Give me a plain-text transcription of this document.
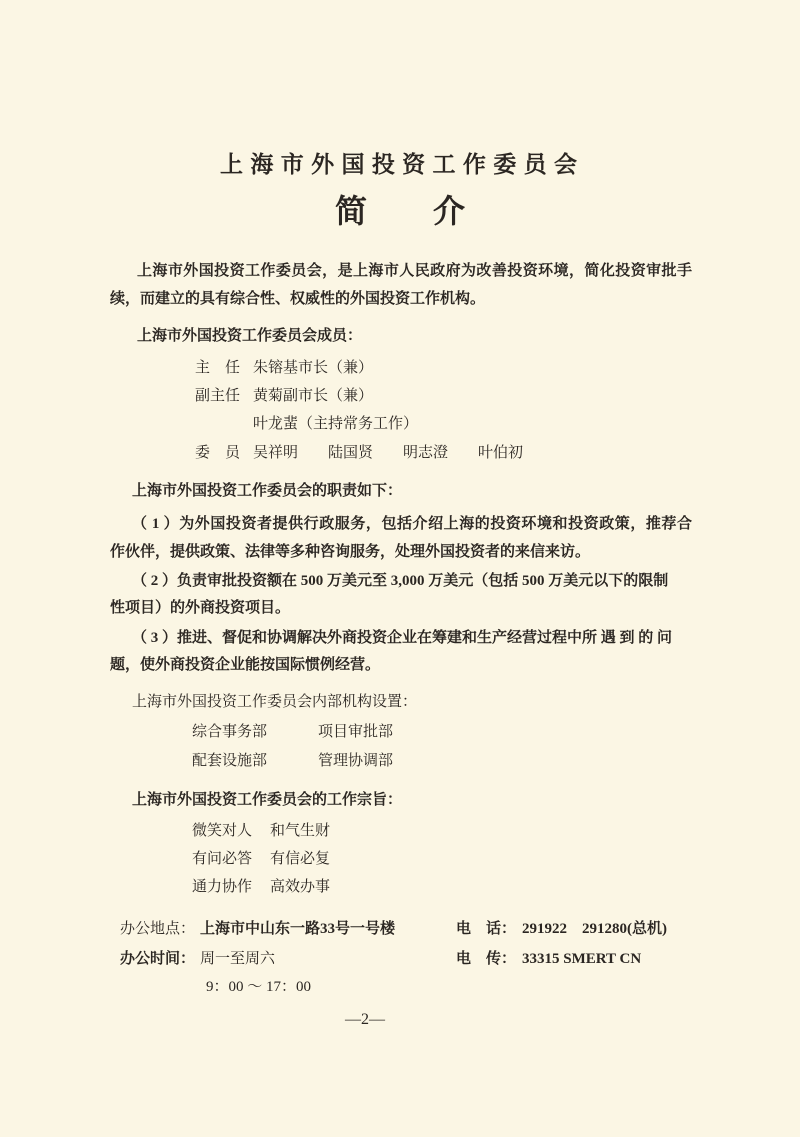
上海市外国投资工作委员会
简介
上海市外国投资工作委员会，是上海市人民政府为改善投资环境，简化投资审批手
续，而建立的具有综合性、权威性的外国投资工作机构。
上海市外国投资工作委员会成员：
主　任 朱镕基市长（兼）
副主任 黄菊副市长（兼）
叶龙蜚（主持常务工作）
委　员 吴祥明　　陆国贤　　明志澄　　叶伯初
上海市外国投资工作委员会的职责如下：
（ 1 ）为外国投资者提供行政服务，包括介绍上海的投资环境和投资政策，推荐合
作伙伴，提供政策、法律等多种咨询服务，处理外国投资者的来信来访。
（ 2 ）负责审批投资额在 500 万美元至 3,000 万美元（包括 500 万美元以下的限制
性项目）的外商投资项目。
（ 3 ）推进、督促和协调解决外商投资企业在筹建和生产经营过程中所 遇 到 的 问
题，使外商投资企业能按国际惯例经营。
上海市外国投资工作委员会内部机构设置：
综合事务部	项目审批部
配套设施部	管理协调部
上海市外国投资工作委员会的工作宗旨：
微笑对人 和气生财
有问必答 有信必复
通力协作 高效办事
办公地点： 上海市中山东一路33号一号楼
办公时间： 周一至周六
9：00 ～ 17：00
电　话： 291922　291280(总机)
电　传： 33315 SMERT CN
—2—
